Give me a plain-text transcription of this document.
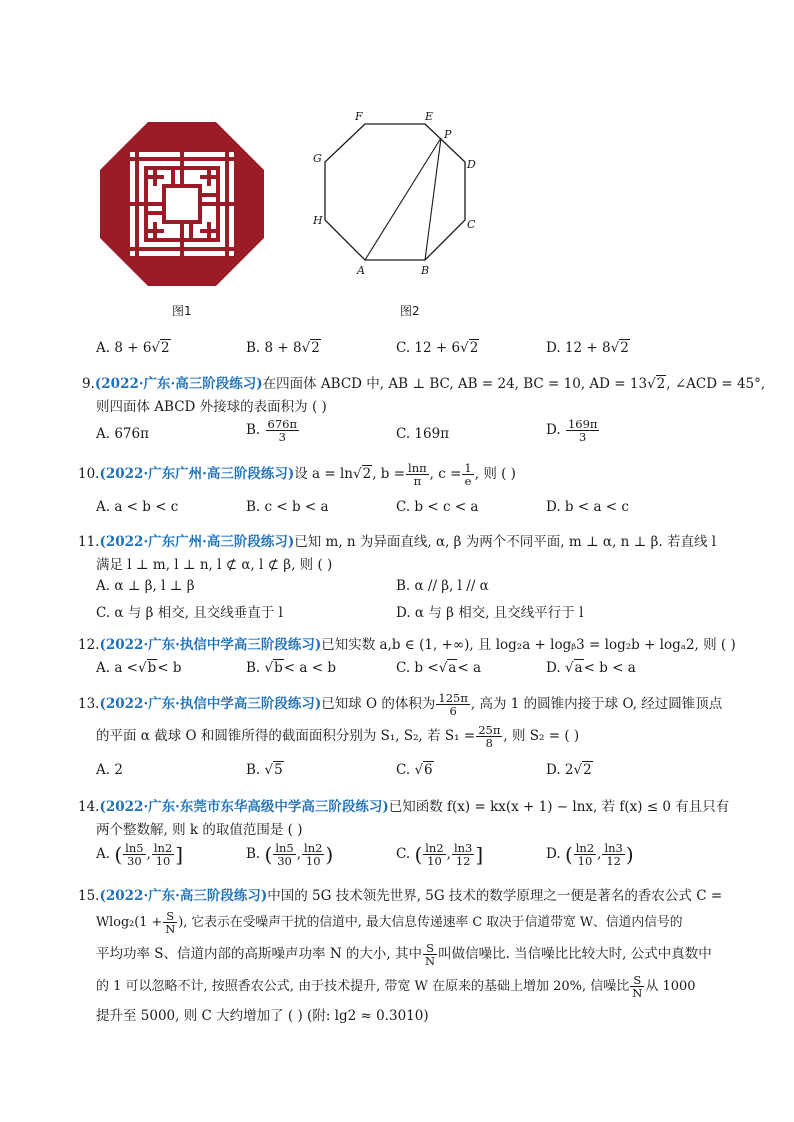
图1
F	E
P
D
G
C
H
A	B
图2
A. 8 + 6√2	B. 8 + 8√2	C. 12 + 6√2	D. 12 + 8√2
9.(2022·广东·高三阶段练习)在四面体 ABCD 中, AB ⊥ BC, AB = 24, BC = 10, AD = 13√2, ∠ACD = 45°,
则四面体 ABCD 外接球的表面积为 ( )
A. 676π	B. $\frac{676\pi}{3}$	C. 169π	D. $\frac{169\pi}{3}$
10.(2022·广东广州·高三阶段练习)设 a = ln√2, $b = \frac{\ln\pi}{\pi}$ , $c = \frac{1}{e}$ , 则 ( )
A. a < b < c	B. c < b < a	C. b < c < a	D. b < a < c
11.(2022·广东广州·高三阶段练习)已知 m, n 为异面直线, α, β 为两个不同平面, m ⊥ α, n ⊥ β. 若直线 l
满足 l ⊥ m, l ⊥ n, l ⊄ α, l ⊄ β, 则 ( )
A. α ⊥ β, l ⊥ β	B. α // β, l // α
C. α 与 β 相交, 且交线垂直于 l	D. α 与 β 相交, 且交线平行于 l
12.(2022·广东·执信中学高三阶段练习)已知实数 a,b ∈ (1, +∞), 且 log₂a + logᵦ3 = log₂b + logₐ2, 则 ( )
A. a <√b< b	B. √b< a < b	C. b <√a< a	D. √a< b < a
13.(2022·广东·执信中学高三阶段练习)已知球 O 的体积为 $\frac{125\pi}{6}$ , 高为 1 的圆锥内接于球 O, 经过圆锥顶点
的平面 α 截球 O 和圆锥所得的截面面积分别为 S₁, S₂, 若 $S_1 = \frac{25\pi}{8}$ , 则 S₂ = ( )
A. 2	B. √5	C. √6	D. 2√2
14.(2022·广东·东莞市东华高级中学高三阶段练习)已知函数 f(x) = kx(x + 1) − lnx, 若 f(x) ≤ 0 有且只有
两个整数解, 则 k 的取值范围是 ( )
A. ( $\frac{\ln 5}{30}$ , $\frac{\ln 2}{10}$ ]	B. ( $\frac{\ln 5}{30}$ , $\frac{\ln 2}{10}$ )	C. ( $\frac{\ln 2}{10}$ , $\frac{\ln 3}{12}$ ]	D. ( $\frac{\ln 2}{10}$ , $\frac{\ln 3}{12}$ )
15.(2022·广东·高三阶段练习)中国的 5G 技术领先世界, 5G 技术的数学原理之一便是著名的香农公式 C =
$Wlog_2(1 + \frac{S}{N}$ ), 它表示在受噪声干扰的信道中, 最大信息传递速率 C 取决于信道带宽 W、信道内信号的
平均功率 S、信道内部的高斯噪声功率 N 的大小, 其中 $\frac{S}{N}$ 叫做信噪比. 当信噪比比较大时, 公式中真数中
的 1 可以忽略不计, 按照香农公式, 由于技术提升, 带宽 W 在原来的基础上增加 20%, 信噪比 $\frac{S}{N}$ 从 1000
提升至 5000, 则 C 大约增加了 ( ) (附: lg2 ≈ 0.3010)
